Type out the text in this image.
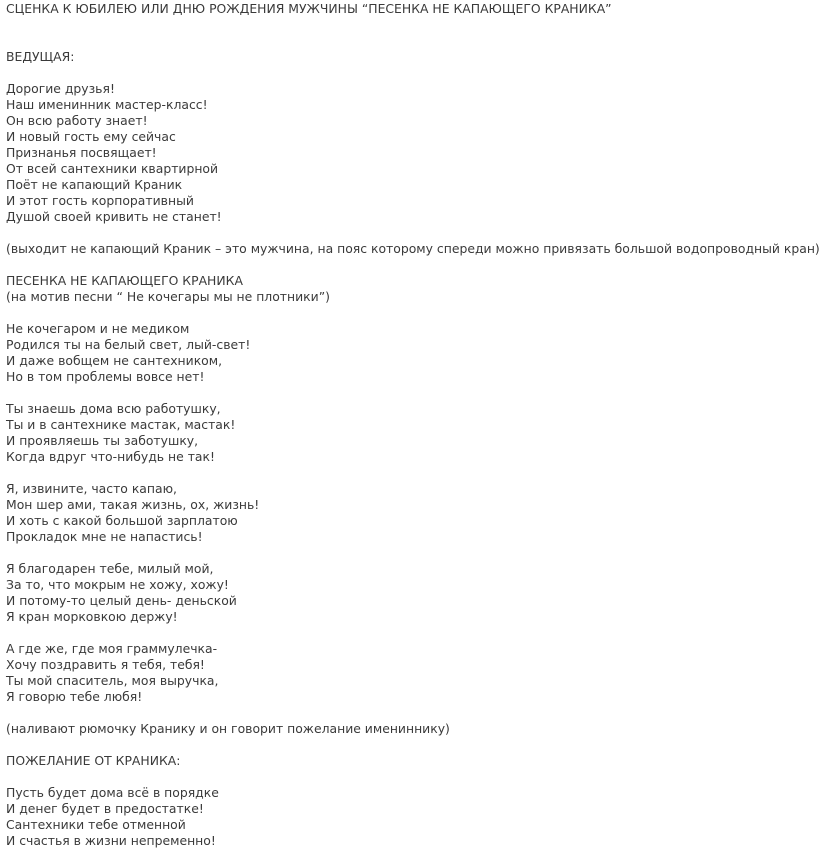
СЦЕНКА К ЮБИЛЕЮ ИЛИ ДНЮ РОЖДЕНИЯ МУЖЧИНЫ “ПЕСЕНКА НЕ КАПАЮЩЕГО КРАНИКА”
ВЕДУЩАЯ:
Дорогие друзья!
Наш именинник мастер-класс!
Он всю работу знает!
И новый гость ему сейчас
Признанья посвящает!
От всей сантехники квартирной
Поёт не капающий Краник
И этот гость корпоративный
Душой своей кривить не станет!
(выходит не капающий Краник – это мужчина, на пояс которому спереди можно привязать большой водопроводный кран)
ПЕСЕНКА НЕ КАПАЮЩЕГО КРАНИКА
(на мотив песни “ Не кочегары мы не плотники”)
Не кочегаром и не медиком
Родился ты на белый свет, лый-свет!
И даже вобщем не сантехником,
Но в том проблемы вовсе нет!
Ты знаешь дома всю работушку,
Ты и в сантехнике мастак, мастак!
И проявляешь ты заботушку,
Когда вдруг что-нибудь не так!
Я, извините, часто капаю,
Мон шер ами, такая жизнь, ох, жизнь!
И хоть с какой большой зарплатою
Прокладок мне не напастись!
Я благодарен тебе, милый мой,
За то, что мокрым не хожу, хожу!
И потому-то целый день- деньской
Я кран морковкою держу!
А где же, где моя граммулечка-
Хочу поздравить я тебя, тебя!
Ты мой спаситель, моя выручка,
Я говорю тебе любя!
(наливают рюмочку Кранику и он говорит пожелание имениннику)
ПОЖЕЛАНИЕ ОТ КРАНИКА:
Пусть будет дома всё в порядке
И денег будет в предостатке!
Сантехники тебе отменной
И счастья в жизни непременно!
